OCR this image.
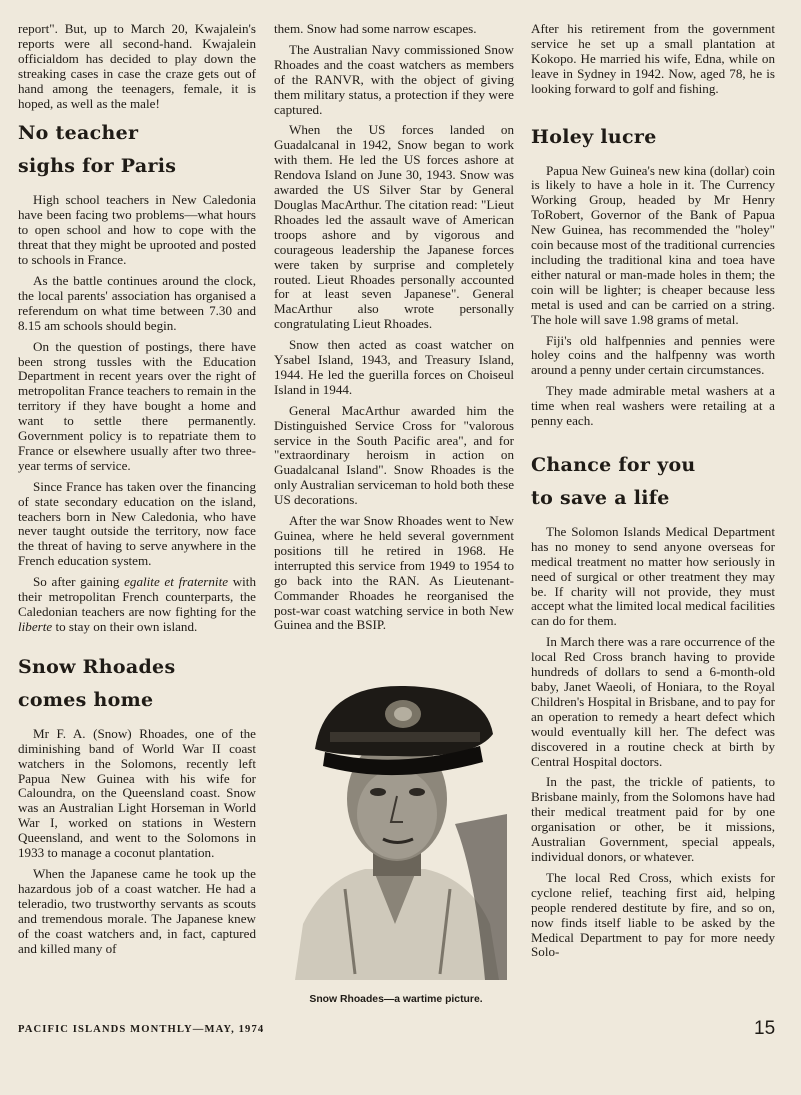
report". But, up to March 20, Kwajalein's reports were all second-hand. Kwajalein officialdom has decided to play down the streaking cases in case the craze gets out of hand among the teenagers, female, it is hoped, as well as the male!

No teacher
sighs for Paris

High school teachers in New Caledonia have been facing two problems—what hours to open school and how to cope with the threat that they might be uprooted and posted to schools in France.

As the battle continues around the clock, the local parents' association has organised a referendum on what time between 7.30 and 8.15 am schools should begin.

On the question of postings, there have been strong tussles with the Education Department in recent years over the right of metropolitan France teachers to remain in the territory if they have bought a home and want to settle there permanently. Government policy is to repatriate them to France or elsewhere usually after two three-year terms of service.

Since France has taken over the financing of state secondary education on the island, teachers born in New Caledonia, who have never taught outside the territory, now face the threat of having to serve anywhere in the French education system.

So after gaining egalite et fraternite with their metropolitan French counterparts, the Caledonian teachers are now fighting for the liberte to stay on their own island.

Snow Rhoades
comes home

Mr F. A. (Snow) Rhoades, one of the diminishing band of World War II coast watchers in the Solomons, recently left Papua New Guinea with his wife for Caloundra, on the Queensland coast. Snow was an Australian Light Horseman in World War I, worked on stations in Western Queensland, and went to the Solomons in 1933 to manage a coconut plantation.

When the Japanese came he took up the hazardous job of a coast watcher. He had a teleradio, two trustworthy servants as scouts and tremendous morale. The Japanese knew of the coast watchers and, in fact, captured and killed many of

them. Snow had some narrow escapes.

The Australian Navy commissioned Snow Rhoades and the coast watchers as members of the RANVR, with the object of giving them military status, a protection if they were captured.

When the US forces landed on Guadalcanal in 1942, Snow began to work with them. He led the US forces ashore at Rendova Island on June 30, 1943. Snow was awarded the US Silver Star by General Douglas MacArthur. The citation read: "Lieut Rhoades led the assault wave of American troops ashore and by vigorous and courageous leadership the Japanese forces were taken by surprise and completely routed. Lieut Rhoades personally accounted for at least seven Japanese". General MacArthur also wrote personally congratulating Lieut Rhoades.

Snow then acted as coast watcher on Ysabel Island, 1943, and Treasury Island, 1944. He led the guerilla forces on Choiseul Island in 1944.

General MacArthur awarded him the Distinguished Service Cross for "valorous service in the South Pacific area", and for "extraordinary heroism in action on Guadalcanal Island". Snow Rhoades is the only Australian serviceman to hold both these US decorations.

After the war Snow Rhoades went to New Guinea, where he held several government positions till he retired in 1968. He interrupted this service from 1949 to 1954 to go back into the RAN. As Lieutenant-Commander Rhoades he reorganised the post-war coast watching service in both New Guinea and the BSIP.

Snow Rhoades—a wartime picture.

After his retirement from the government service he set up a small plantation at Kokopo. He married his wife, Edna, while on leave in Sydney in 1942. Now, aged 78, he is looking forward to golf and fishing.

Holey lucre

Papua New Guinea's new kina (dollar) coin is likely to have a hole in it. The Currency Working Group, headed by Mr Henry ToRobert, Governor of the Bank of Papua New Guinea, has recommended the "holey" coin because most of the traditional currencies including the traditional kina and toea have either natural or man-made holes in them; the coin will be lighter; is cheaper because less metal is used and can be carried on a string. The hole will save 1.98 grams of metal.

Fiji's old halfpennies and pennies were holey coins and the halfpenny was worth around a penny under certain circumstances.

They made admirable metal washers at a time when real washers were retailing at a penny each.

Chance for you
to save a life

The Solomon Islands Medical Department has no money to send anyone overseas for medical treatment no matter how seriously in need of surgical or other treatment they may be. If charity will not provide, they must accept what the limited local medical facilities can do for them.

In March there was a rare occurrence of the local Red Cross branch having to provide hundreds of dollars to send a 6-month-old baby, Janet Waeoli, of Honiara, to the Royal Children's Hospital in Brisbane, and to pay for an operation to remedy a heart defect which would eventually kill her. The defect was discovered in a routine check at birth by Central Hospital doctors.

In the past, the trickle of patients, to Brisbane mainly, from the Solomons have had their medical treatment paid for by one organisation or other, be it missions, Australian Government, special appeals, individual donors, or whatever.

The local Red Cross, which exists for cyclone relief, teaching first aid, helping people rendered destitute by fire, and so on, now finds itself liable to be asked by the Medical Department to pay for more needy Solo-

PACIFIC ISLANDS MONTHLY—MAY, 1974	15
